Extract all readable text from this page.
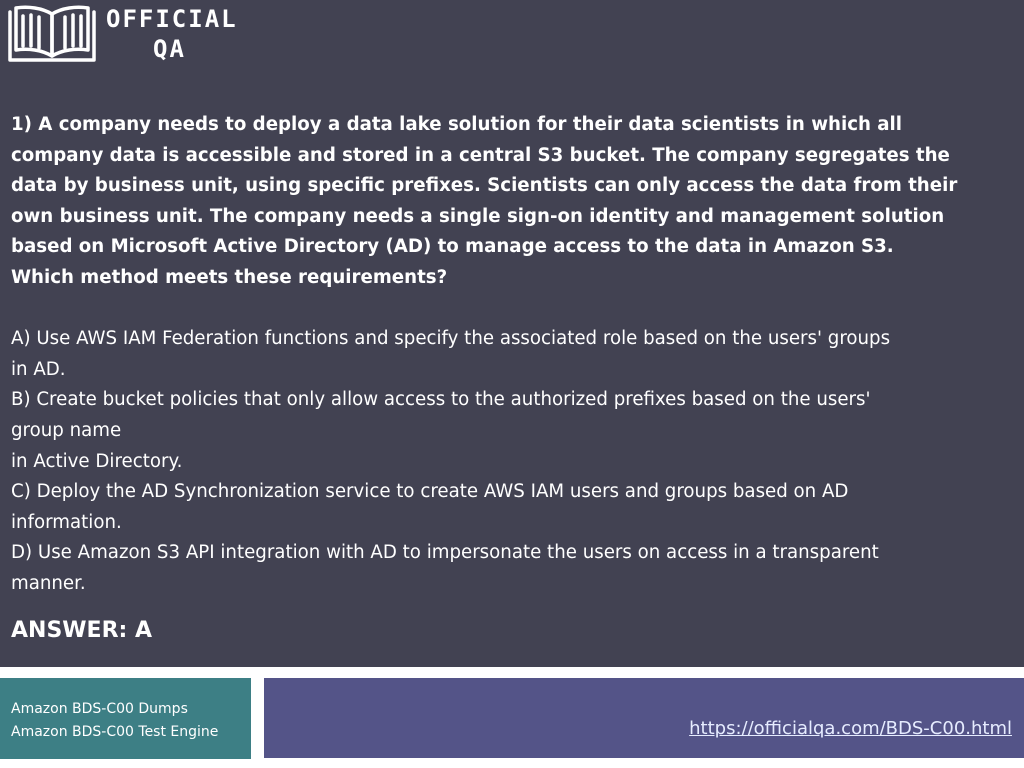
OFFICIAL
QA
1) A company needs to deploy a data lake solution for their data scientists in which all
company data is accessible and stored in a central S3 bucket. The company segregates the
data by business unit, using specific prefixes. Scientists can only access the data from their
own business unit. The company needs a single sign-on identity and management solution
based on Microsoft Active Directory (AD) to manage access to the data in Amazon S3.
Which method meets these requirements?
A) Use AWS IAM Federation functions and specify the associated role based on the users' groups
in AD.
B) Create bucket policies that only allow access to the authorized prefixes based on the users'
group name
in Active Directory.
C) Deploy the AD Synchronization service to create AWS IAM users and groups based on AD
information.
D) Use Amazon S3 API integration with AD to impersonate the users on access in a transparent
manner.
ANSWER: A
Amazon BDS-C00 Dumps
Amazon BDS-C00 Test Engine	https://officialqa.com/BDS-C00.html
